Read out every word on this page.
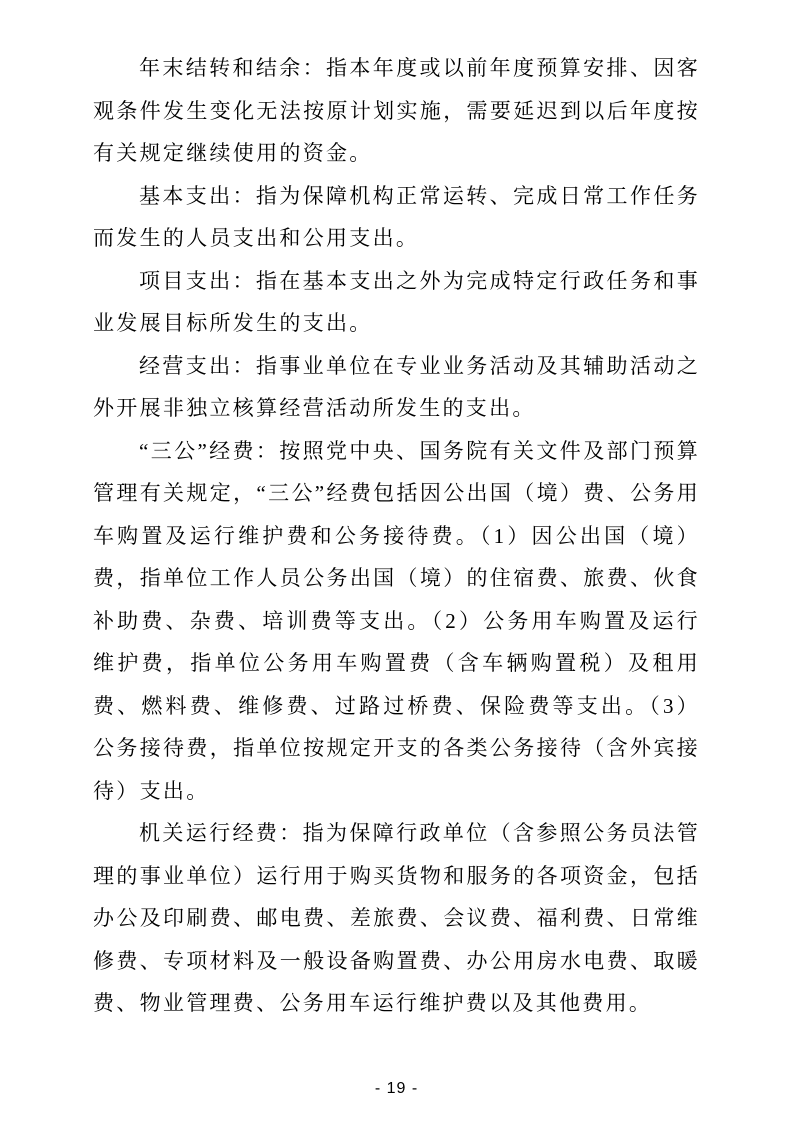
年末结转和结余：指本年度或以前年度预算安排、因客观条件发生变化无法按原计划实施，需要延迟到以后年度按有关规定继续使用的资金。

基本支出：指为保障机构正常运转、完成日常工作任务而发生的人员支出和公用支出。

项目支出：指在基本支出之外为完成特定行政任务和事业发展目标所发生的支出。

经营支出：指事业单位在专业业务活动及其辅助活动之外开展非独立核算经营活动所发生的支出。

“三公”经费：按照党中央、国务院有关文件及部门预算管理有关规定，“三公”经费包括因公出国（境）费、公务用车购置及运行维护费和公务接待费。（1）因公出国（境）费，指单位工作人员公务出国（境）的住宿费、旅费、伙食补助费、杂费、培训费等支出。（2）公务用车购置及运行维护费，指单位公务用车购置费（含车辆购置税）及租用费、燃料费、维修费、过路过桥费、保险费等支出。（3）公务接待费，指单位按规定开支的各类公务接待（含外宾接待）支出。

机关运行经费：指为保障行政单位（含参照公务员法管理的事业单位）运行用于购买货物和服务的各项资金，包括办公及印刷费、邮电费、差旅费、会议费、福利费、日常维修费、专项材料及一般设备购置费、办公用房水电费、取暖费、物业管理费、公务用车运行维护费以及其他费用。

- 19 -
